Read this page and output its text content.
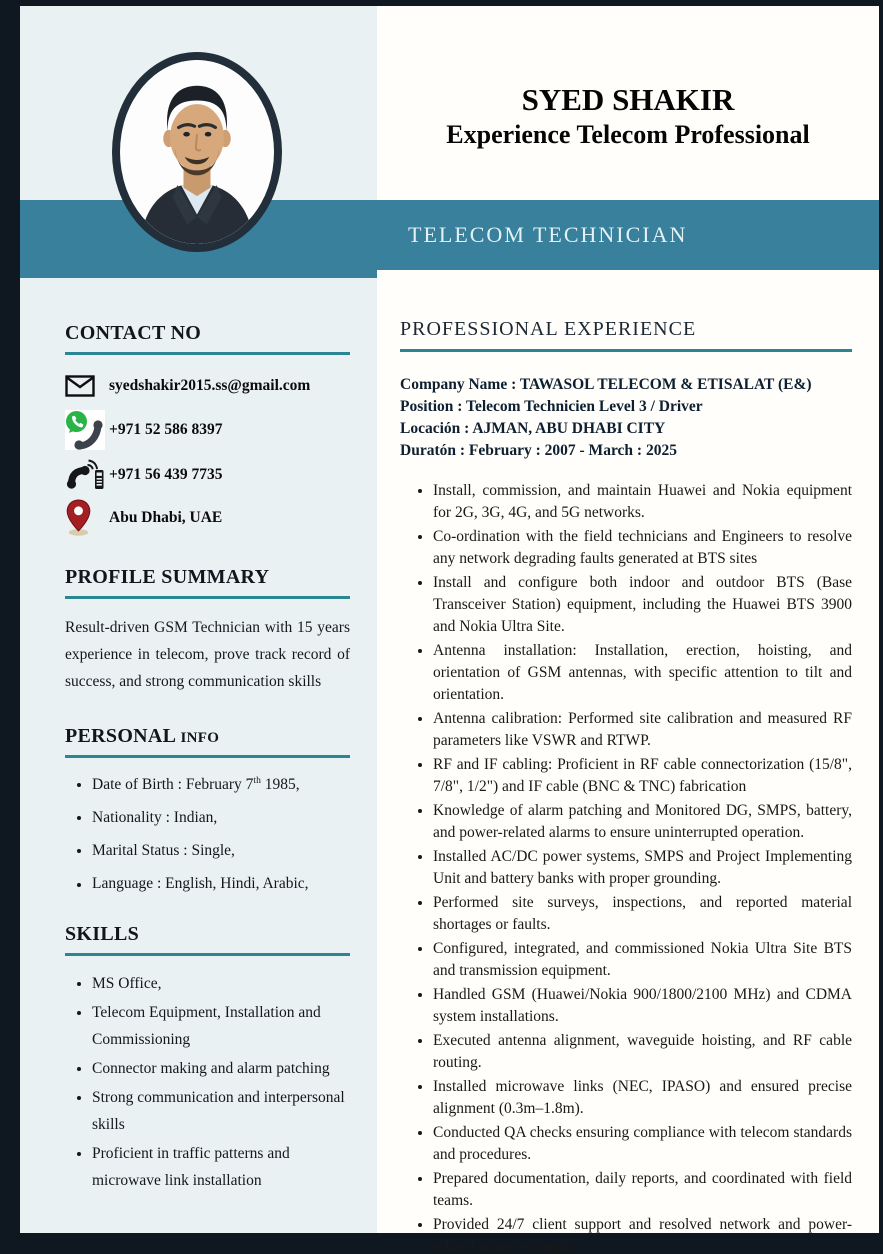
CONTACT NO
syedshakir2015.ss@gmail.com
+971 52 586 8397
+971 56 439 7735
Abu Dhabi, UAE
PROFILE SUMMARY

Result-driven GSM Technician with 15 years experience in telecom, prove track record of success, and strong communication skills

PERSONAL INFO
• Date of Birth : February 7th 1985,
• Nationality : Indian,
• Marital Status : Single,
• Language : English, Hindi, Arabic,
SKILLS
• MS Office,
• Telecom Equipment, Installation and Commissioning
• Connector making and alarm patching
• Strong communication and interpersonal skills
• Proficient in traffic patterns and microwave link installation
SYED SHAKIR
Experience Telecom Professional
TELECOM TECHNICIAN
PROFESSIONAL EXPERIENCE
Company Name : TAWASOL TELECOM & ETISALAT (E&)
Position : Telecom Technicien Level 3 / Driver
Locación : AJMAN, ABU DHABI CITY
Duratón : February : 2007 - March : 2025
• Install, commission, and maintain Huawei and Nokia equipment for 2G, 3G, 4G, and 5G networks.
• Co-ordination with the field technicians and Engineers to resolve any network degrading faults generated at BTS sites
• Install and configure both indoor and outdoor BTS (Base Transceiver Station) equipment, including the Huawei BTS 3900 and Nokia Ultra Site.
• Antenna installation: Installation, erection, hoisting, and orientation of GSM antennas, with specific attention to tilt and orientation.
• Antenna calibration: Performed site calibration and measured RF parameters like VSWR and RTWP.
• RF and IF cabling: Proficient in RF cable connectorization (15/8", 7/8", 1/2") and IF cable (BNC & TNC) fabrication
• Knowledge of alarm patching and Monitored DG, SMPS, battery, and power-related alarms to ensure uninterrupted operation.
• Installed AC/DC power systems, SMPS and Project Implementing Unit and battery banks with proper grounding.
• Performed site surveys, inspections, and reported material shortages or faults.
• Configured, integrated, and commissioned Nokia Ultra Site BTS and transmission equipment.
• Handled GSM (Huawei/Nokia 900/1800/2100 MHz) and CDMA system installations.
• Executed antenna alignment, waveguide hoisting, and RF cable routing.
• Installed microwave links (NEC, IPASO) and ensured precise alignment (0.3m–1.8m).
• Conducted QA checks ensuring compliance with telecom standards and procedures.
• Prepared documentation, daily reports, and coordinated with field teams.
• Provided 24/7 client support and resolved network and power-related issues promptly.
